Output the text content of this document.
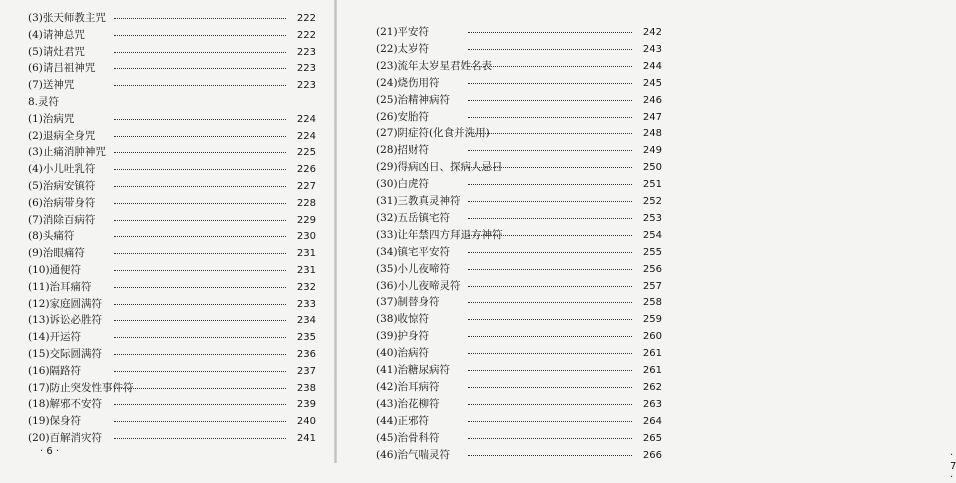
(3)张天师教主咒	222
(4)请神总咒	222
(5)请灶君咒	223
(6)请吕祖神咒	223
(7)送神咒	223
8.灵符
(1)治病咒	224
(2)退病全身咒	224
(3)止痛消肿神咒	225
(4)小儿吐乳符	226
(5)治病安镇符	227
(6)治病带身符	228
(7)消除百病符	229
(8)头痛符	230
(9)治眼痛符	231
(10)通便符	231
(11)治耳痛符	232
(12)家庭圆满符	233
(13)诉讼必胜符	234
(14)开运符	235
(15)交际圆满符	236
(16)隔路符	237
(17)防止突发性事件符	238
(18)解邪不安符	239
(19)保身符	240
(20)百解消灾符	241
· 6 ·
(21)平安符	242
(22)太岁符	243
(23)流年太岁星君姓名表	244
(24)烧伤用符	245
(25)治精神病符	246
(26)安胎符	247
(27)阴症符(化食并洗用)	248
(28)招财符	249
(29)得病凶日、探病人忌日	250
(30)白虎符	251
(31)三教真灵神符	252
(32)五岳镇宅符	253
(33)让年禁四方拜退方神符	254
(34)镇宅平安符	255
(35)小儿夜啼符	256
(36)小儿夜啼灵符	257
(37)制替身符	258
(38)收惊符	259
(39)护身符	260
(40)治病符	261
(41)治糖尿病符	261
(42)治耳病符	262
(43)治花柳符	263
(44)正邪符	264
(45)治骨科符	265
(46)治气喘灵符	266	· 7 ·
